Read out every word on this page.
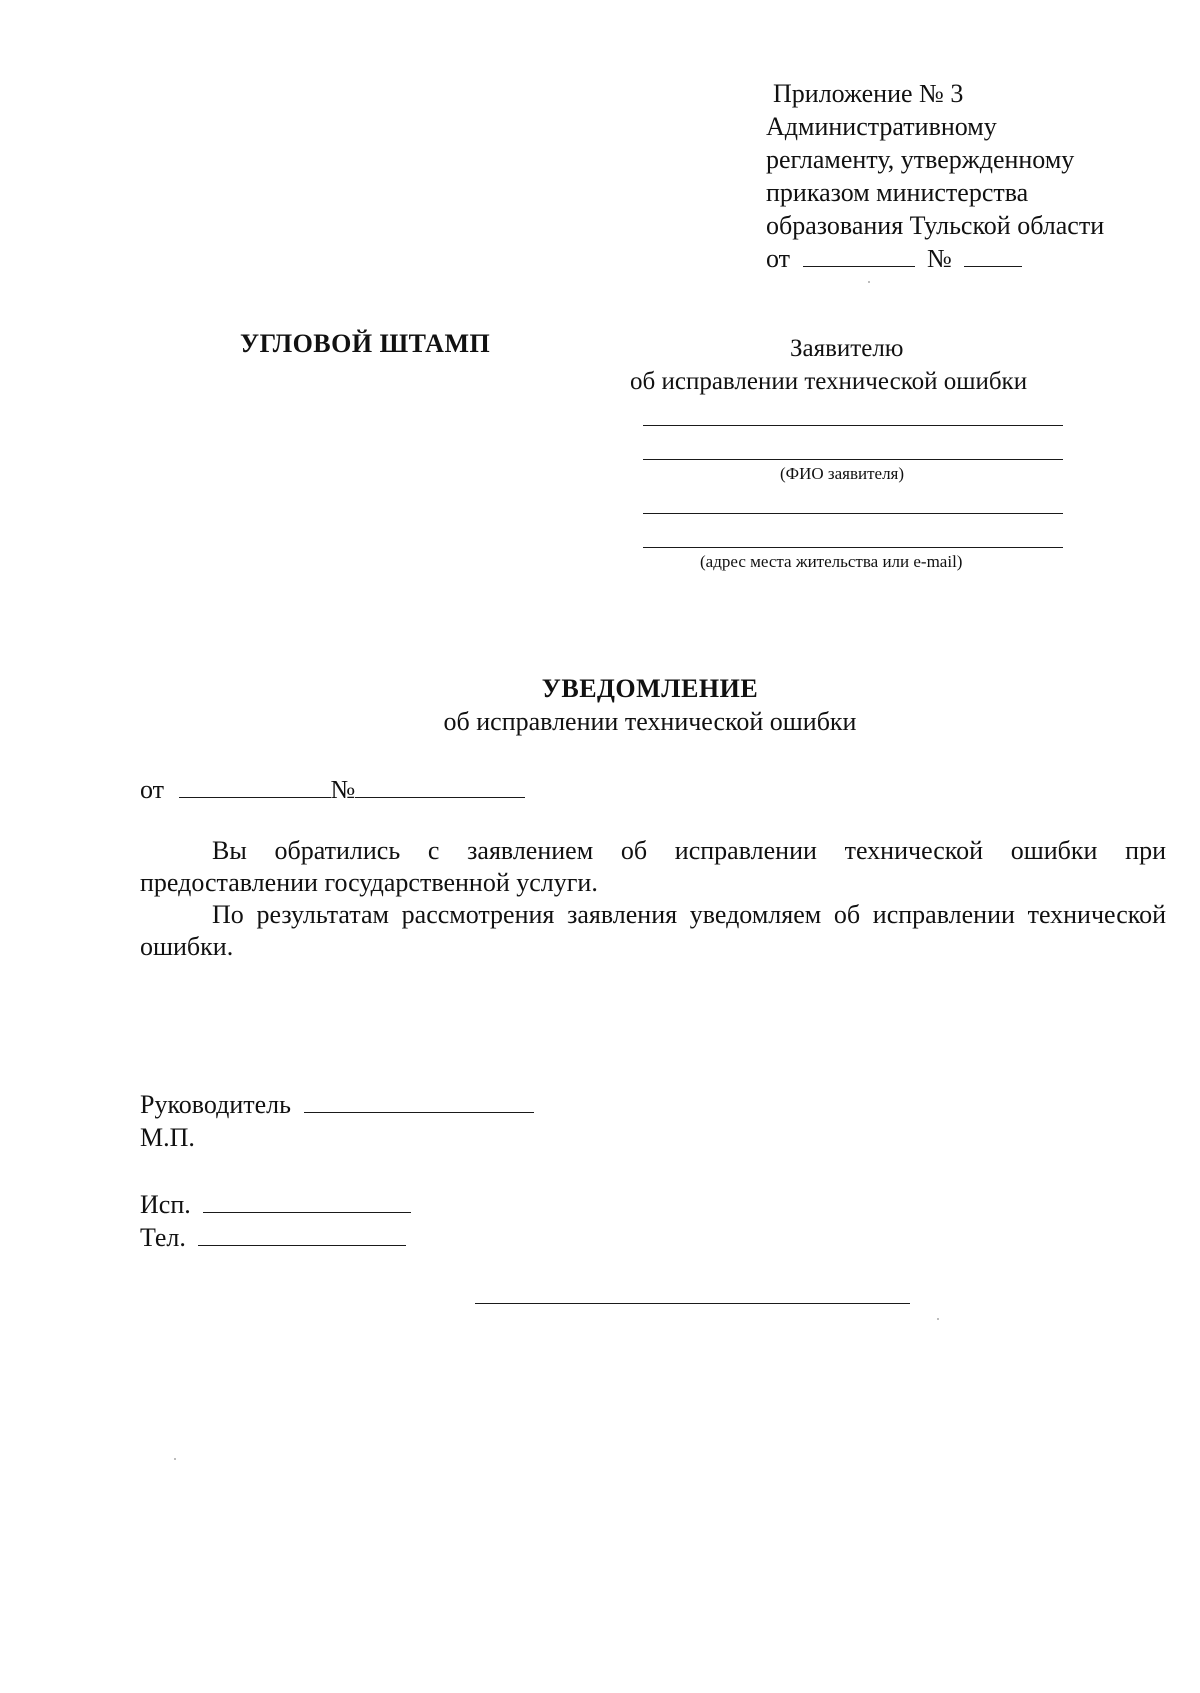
Приложение № 3
Административному
регламенту, утвержденному
приказом министерства
образования Тульской области
от	№
УГЛОВОЙ ШТАМП	Заявителю
об исправлении технической ошибки
(ФИО заявителя)
(адрес места жительства или e-mail)
УВЕДОМЛЕНИЕ
об исправлении технической ошибки
от	№

Вы обратились с заявлением об исправлении технической ошибки при предоставлении государственной услуги.

По результатам рассмотрения заявления уведомляем об исправлении технической ошибки.

Руководитель
М.П.
Исп.
Тел.
